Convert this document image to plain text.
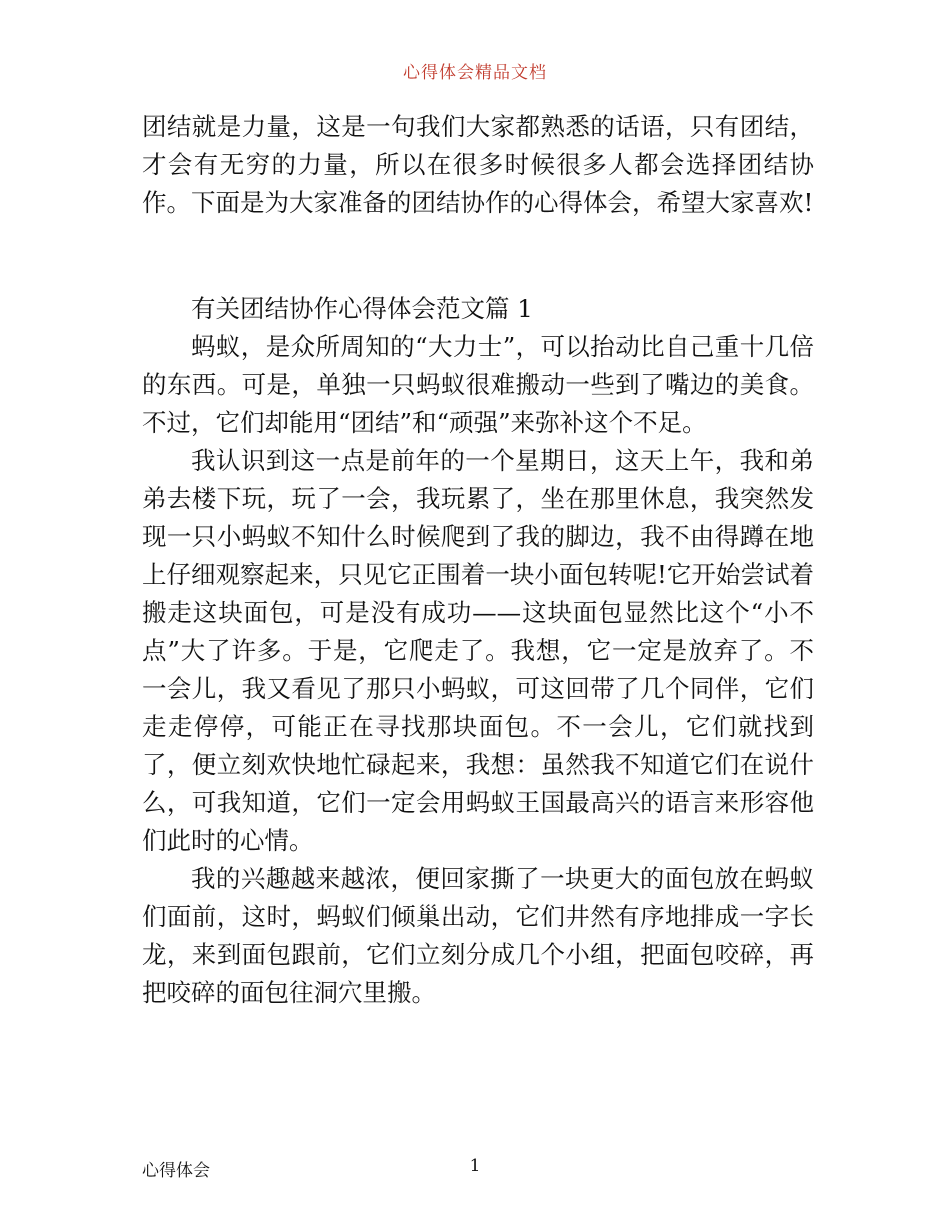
心得体会精品文档

团结就是力量，这是一句我们大家都熟悉的话语，只有团结，才会有无穷的力量，所以在很多时候很多人都会选择团结协作。下面是为大家准备的团结协作的心得体会，希望大家喜欢!

有关团结协作心得体会范文篇 1

蚂蚁，是众所周知的“大力士”，可以抬动比自己重十几倍的东西。可是，单独一只蚂蚁很难搬动一些到了嘴边的美食。不过，它们却能用“团结”和“顽强”来弥补这个不足。

我认识到这一点是前年的一个星期日，这天上午，我和弟弟去楼下玩，玩了一会，我玩累了，坐在那里休息，我突然发现一只小蚂蚁不知什么时候爬到了我的脚边，我不由得蹲在地上仔细观察起来，只见它正围着一块小面包转呢!它开始尝试着搬走这块面包，可是没有成功——这块面包显然比这个“小不点”大了许多。于是，它爬走了。我想，它一定是放弃了。不一会儿，我又看见了那只小蚂蚁，可这回带了几个同伴，它们走走停停，可能正在寻找那块面包。不一会儿，它们就找到了，便立刻欢快地忙碌起来，我想：虽然我不知道它们在说什么，可我知道，它们一定会用蚂蚁王国最高兴的语言来形容他们此时的心情。

我的兴趣越来越浓，便回家撕了一块更大的面包放在蚂蚁们面前，这时，蚂蚁们倾巢出动，它们井然有序地排成一字长龙，来到面包跟前，它们立刻分成几个小组，把面包咬碎，再把咬碎的面包往洞穴里搬。

心得体会	1
